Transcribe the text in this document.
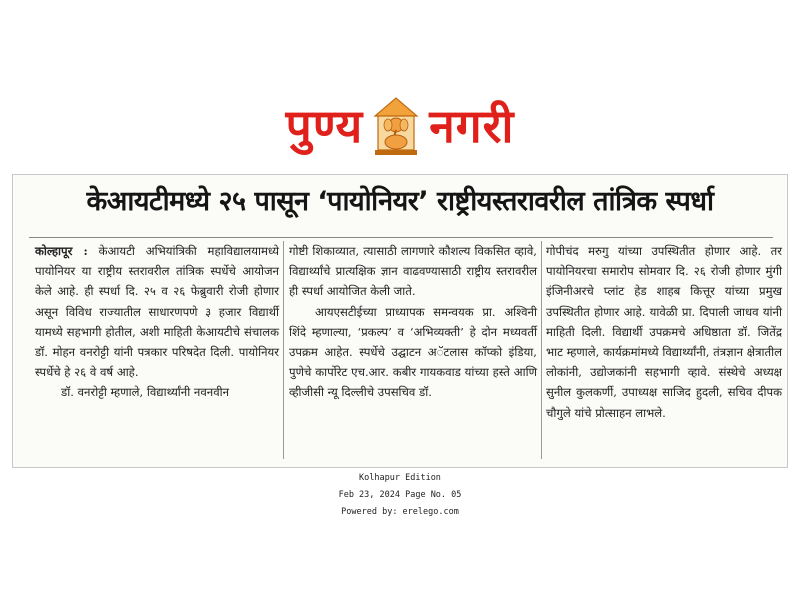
पुण्य नगरी
केआयटीमध्ये २५ पासून ‘पायोनियर’ राष्ट्रीयस्तरावरील तांत्रिक स्पर्धा

कोल्हापूर : केआयटी अभियांत्रिकी महाविद्यालयामध्ये पायोनियर या राष्ट्रीय स्तरावरील तांत्रिक स्पर्धेचे आयोजन केले आहे. ही स्पर्धा दि. २५ व २६ फेब्रुवारी रोजी होणार असून विविध राज्यातील साधारणपणे ३ हजार विद्यार्थी यामध्ये सहभागी होतील, अशी माहिती केआयटीचे संचालक डॉ. मोहन वनरोट्टी यांनी पत्रकार परिषदेत दिली. पायोनियर स्पर्धेचे हे २६ वे वर्ष आहे.

डॉ. वनरोट्टी म्हणाले, विद्यार्थ्यांनी नवनवीन

गोष्टी शिकाव्यात, त्यासाठी लागणारे कौशल्य विकसित व्हावे, विद्यार्थ्यांचे प्रात्यक्षिक ज्ञान वाढवण्यासाठी राष्ट्रीय स्तरावरील ही स्पर्धा आयोजित केली जाते.

आयएसटीईच्या प्राध्यापक समन्वयक प्रा. अश्विनी शिंदे म्हणाल्या, ‘प्रकल्प’ व ‘अभिव्यक्ती’ हे दोन मध्यवर्ती उपक्रम आहेत. स्पर्धेचे उद्घाटन अॅटलास कॉप्को इंडिया, पुणेचे कार्पोरेट एच.आर. कबीर गायकवाड यांच्या हस्ते आणि व्हीजीसी न्यू दिल्लीचे उपसचिव डॉ.

गोपीचंद मरुगु यांच्या उपस्थितीत होणार आहे. तर पायोनियरचा समारोप सोमवार दि. २६ रोजी होणार मुंगी इंजिनीअरचे प्लांट हेड शाहब कित्तूर यांच्या प्रमुख उपस्थितीत होणार आहे. यावेळी प्रा. दिपाली जाधव यांनी माहिती दिली. विद्यार्थी उपक्रमचे अधिष्ठाता डॉ. जितेंद्र भाट म्हणाले, कार्यक्रमांमध्ये विद्यार्थ्यांनी, तंत्रज्ञान क्षेत्रातील लोकांनी, उद्योजकांनी सहभागी व्हावे. संस्थेचे अध्यक्ष सुनील कुलकर्णी, उपाध्यक्ष साजिद हुदली, सचिव दीपक चौगुले यांचे प्रोत्साहन लाभले.

Kolhapur Edition
Feb 23, 2024 Page No. 05
Powered by: erelego.com
